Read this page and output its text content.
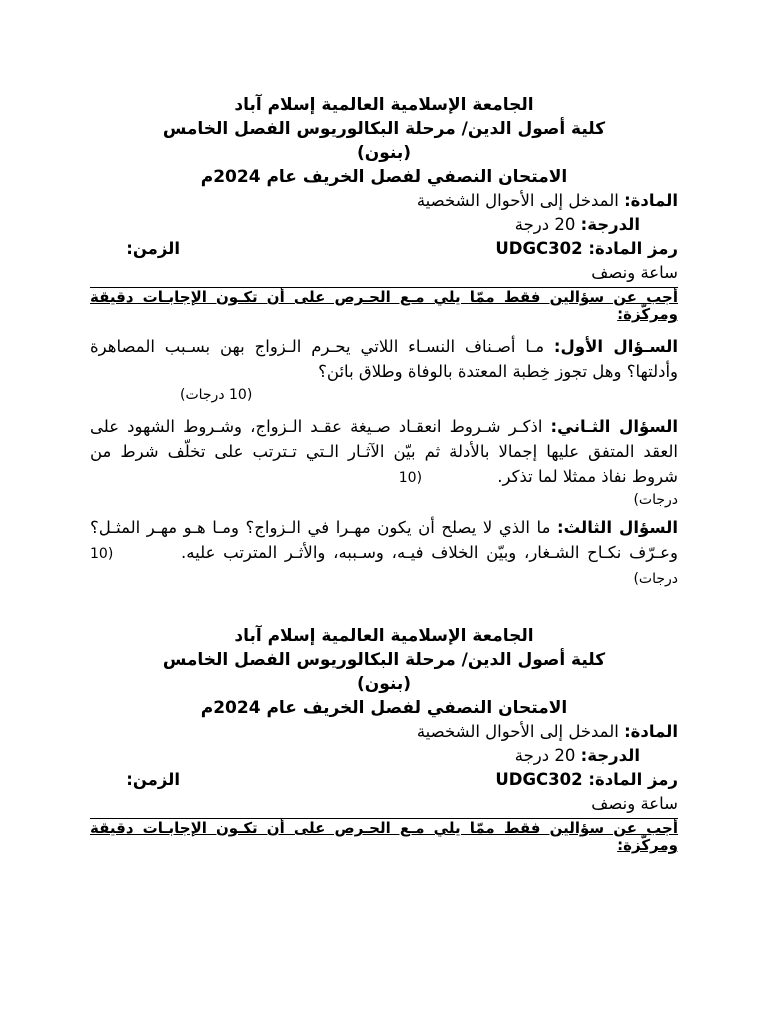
الجامعة الإسلامية العالمية إسلام آباد
كلية أصول الدين/ مرحلة البكالوريوس الفصل الخامس
(بنون)
الامتحان النصفي لفصل الخريف عام 2024م
المادة: المدخل إلى الأحوال الشخصية
الدرجة: 20 درجة
رمز المادة: UDGC302
الزمن:
ساعة ونصف
أجب عن سؤالين فقط ممّا يلي مـع الحـرص على أن تكـون الإجابـات دقيقة ومركّزة:
السـؤال الأول: مـا أصـناف النسـاء اللاتي يحـرم الـزواج بهن بسـبب المصاهرة وأدلتها؟ وهل تجوز خِطبة المعتدة بالوفاة وطلاق بائن؟
(10 درجات)
السؤال الثـاني: اذكـر شـروط انعقـاد صـيغة عقـد الـزواج، وشـروط الشهود على العقد المتفق عليها إجمالا بالأدلة ثم بيّن الآثـار الـتي تـترتب على تخلّف شرط من شروط نفاذ ممثلا لما تذكر. (10
درجات)
السؤال الثالث: ما الذي لا يصلح أن يكون مهـرا في الـزواج؟ ومـا هـو مهـر المثـل؟ وعـرّف نكـاح الشـغار، وبيّن الخلاف فيـه، وسـببه، والأثـر المترتب عليه. (10 درجات)
الجامعة الإسلامية العالمية إسلام آباد
كلية أصول الدين/ مرحلة البكالوريوس الفصل الخامس
(بنون)
الامتحان النصفي لفصل الخريف عام 2024م
المادة: المدخل إلى الأحوال الشخصية
الدرجة: 20 درجة
رمز المادة: UDGC302
الزمن:
ساعة ونصف
أجب عن سؤالين فقط ممّا يلي مـع الحـرص على أن تكـون الإجابـات دقيقة ومركّزة:
